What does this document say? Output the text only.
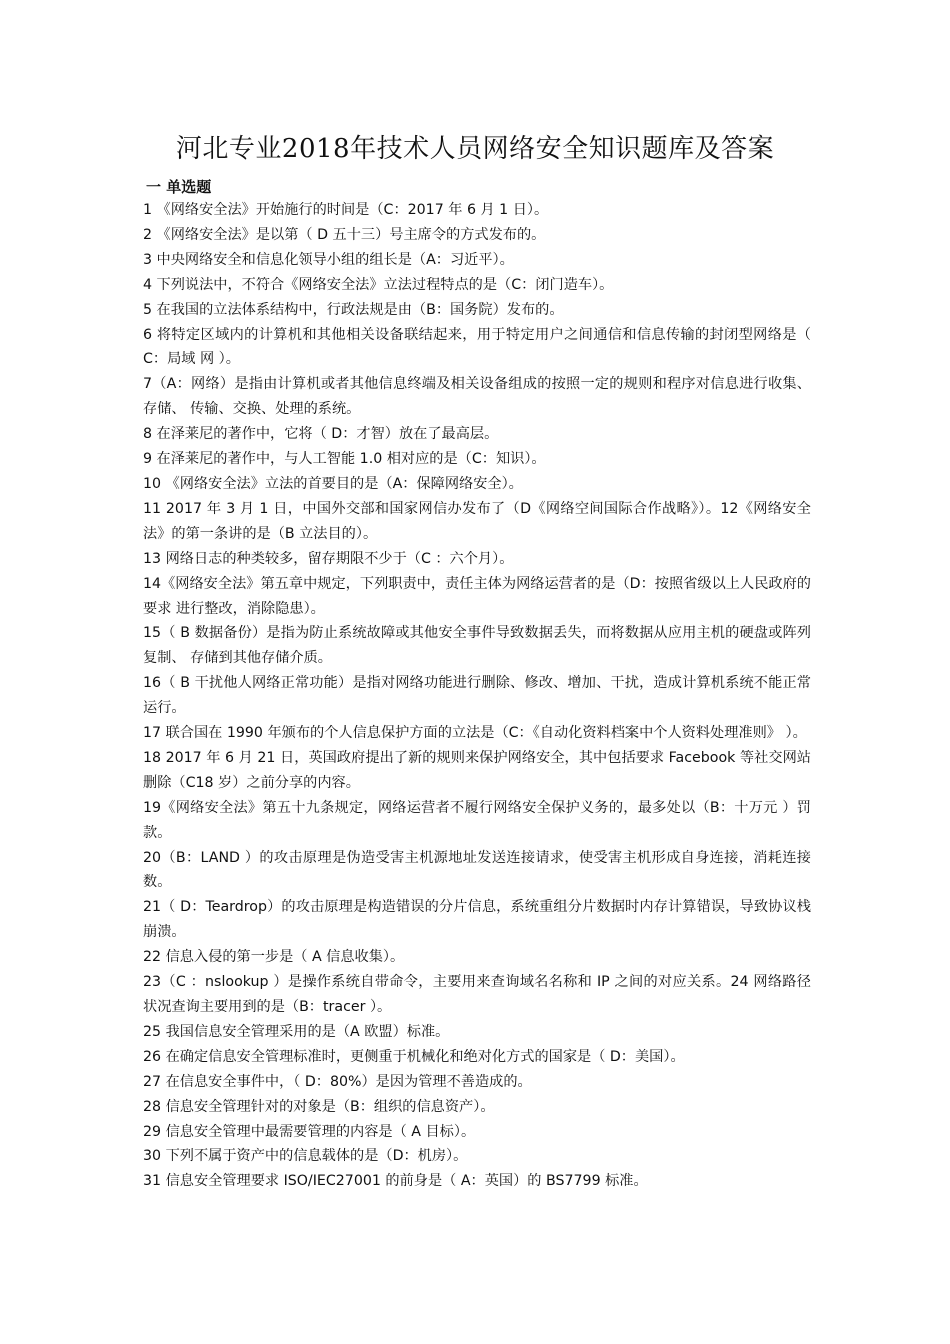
河北专业2018年技术人员网络安全知识题库及答案
一 单选题

1 《网络安全法》开始施行的时间是（C：2017 年 6 月 1 日）。

2 《网络安全法》是以第（ D 五十三）号主席令的方式发布的。

3 中央网络安全和信息化领导小组的组长是（A：习近平）。

4 下列说法中，不符合《网络安全法》立法过程特点的是（C：闭门造车）。

5 在我国的立法体系结构中，行政法规是由（B：国务院）发布的。

6 将特定区域内的计算机和其他相关设备联结起来，用于特定用户之间通信和信息传输的封闭型网络是（ C：局域 网 ）。

7（A：网络）是指由计算机或者其他信息终端及相关设备组成的按照一定的规则和程序对信息进行收集、存储、 传输、交换、处理的系统。

8 在泽莱尼的著作中，它将（ D：才智）放在了最高层。

9 在泽莱尼的著作中，与人工智能 1.0 相对应的是（C：知识）。

10 《网络安全法》立法的首要目的是（A：保障网络安全）。

11 2017 年 3 月 1 日，中国外交部和国家网信办发布了（D《网络空间国际合作战略》）。12《网络安全法》的第一条讲的是（B 立法目的）。

13 网络日志的种类较多，留存期限不少于（C ：六个月）。

14《网络安全法》第五章中规定，下列职责中，责任主体为网络运营者的是（D：按照省级以上人民政府的要求 进行整改，消除隐患）。

15（ B 数据备份）是指为防止系统故障或其他安全事件导致数据丢失，而将数据从应用主机的硬盘或阵列复制、 存储到其他存储介质。

16（ B 干扰他人网络正常功能）是指对网络功能进行删除、修改、增加、干扰，造成计算机系统不能正常运行。

17 联合国在 1990 年颁布的个人信息保护方面的立法是（C：《自动化资料档案中个人资料处理准则》 ）。

18 2017 年 6 月 21 日，英国政府提出了新的规则来保护网络安全，其中包括要求 Facebook 等社交网站删除（C18 岁）之前分享的内容。

19《网络安全法》第五十九条规定，网络运营者不履行网络安全保护义务的，最多处以（B：十万元 ）罚款。

20（B：LAND ）的攻击原理是伪造受害主机源地址发送连接请求，使受害主机形成自身连接，消耗连接数。

21（ D：Teardrop）的攻击原理是构造错误的分片信息，系统重组分片数据时内存计算错误，导致协议栈崩溃。

22 信息入侵的第一步是（ A 信息收集）。

23（C ：nslookup ）是操作系统自带命令，主要用来查询域名名称和 IP 之间的对应关系。24 网络路径状况查询主要用到的是（B：tracer ）。

25 我国信息安全管理采用的是（A 欧盟）标准。

26 在确定信息安全管理标准时，更侧重于机械化和绝对化方式的国家是（ D：美国）。

27 在信息安全事件中，（ D：80%）是因为管理不善造成的。

28 信息安全管理针对的对象是（B：组织的信息资产）。

29 信息安全管理中最需要管理的内容是（ A 目标）。

30 下列不属于资产中的信息载体的是（D：机房）。

31 信息安全管理要求 ISO/IEC27001 的前身是（ A：英国）的 BS7799 标准。
